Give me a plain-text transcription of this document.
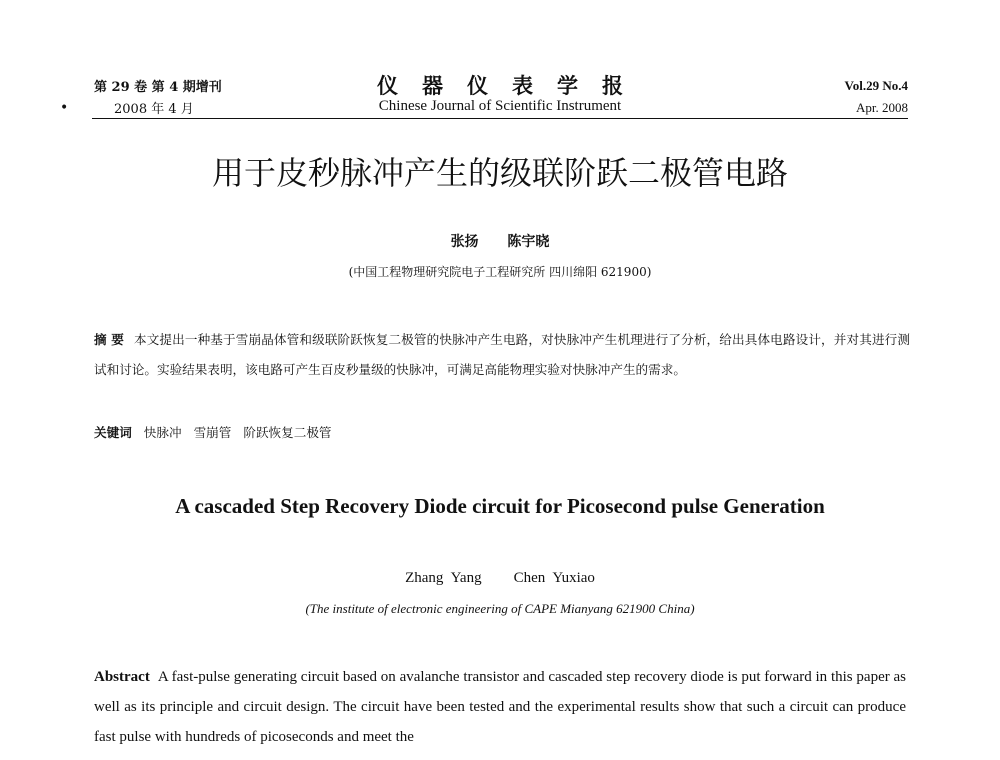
第 29 卷 第 4 期增刊
2008 年 4 月
•
仪器仪表学报
Chinese Journal of Scientific Instrument
Vol.29 No.4
Apr. 2008
用于皮秒脉冲产生的级联阶跃二极管电路
张扬 陈宇晓
(中国工程物理研究院电子工程研究所 四川绵阳 621900)
摘 要 本文提出一种基于雪崩晶体管和级联阶跃恢复二极管的快脉冲产生电路，对快脉冲产生机理进行了分析，给出具体电路设计，并对其进行测试和讨论。实验结果表明，该电路可产生百皮秒量级的快脉冲，可满足高能物理实验对快脉冲产生的需求。
关键词 快脉冲 雪崩管 阶跃恢复二极管
A cascaded Step Recovery Diode circuit for Picosecond pulse Generation
Zhang Yang Chen Yuxiao
(The institute of electronic engineering of CAPE Mianyang 621900 China)
Abstract A fast-pulse generating circuit based on avalanche transistor and cascaded step recovery diode is put forward in this paper as well as its principle and circuit design. The circuit have been tested and the experimental results show that such a circuit can produce fast pulse with hundreds of picoseconds and meet the
